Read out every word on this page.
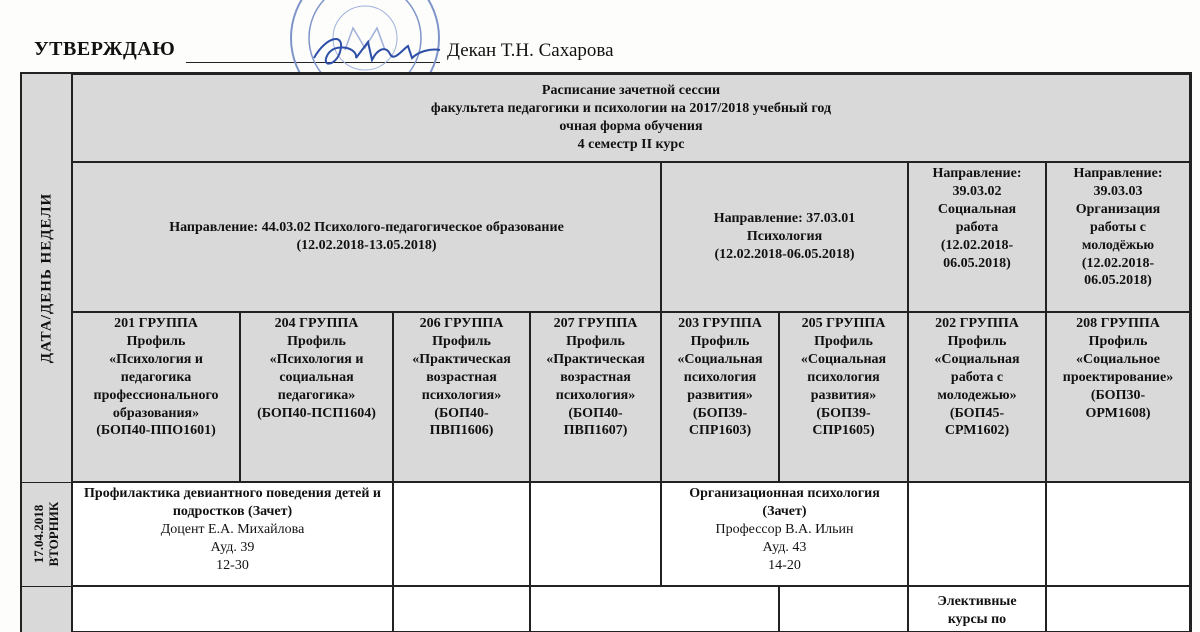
УТВЕРЖДАЮ	Декан Т.Н. Сахарова
ДАТА/ДЕНЬ НЕДЕЛИ
Расписание зачетной сессии
факультета педагогики и психологии на 2017/2018 учебный год
очная форма обучения
4 семестр II курс
Направление: 44.03.02 Психолого-педагогическое образование
(12.02.2018-13.05.2018)
Направление: 37.03.01
Психология
(12.02.2018-06.05.2018)
Направление:
39.03.02
Социальная
работа
(12.02.2018-
06.05.2018)
Направление:
39.03.03
Организация
работы с
молодёжью
(12.02.2018-
06.05.2018)
201 ГРУППА
Профиль
«Психология и
педагогика
профессионального
образования»
(БОП40-ППО1601)
204 ГРУППА
Профиль
«Психология и
социальная
педагогика»
(БОП40-ПСП1604)
206 ГРУППА
Профиль
«Практическая
возрастная
психология»
(БОП40-
ПВП1606)
207 ГРУППА
Профиль
«Практическая
возрастная
психология»
(БОП40-
ПВП1607)
203 ГРУППА
Профиль
«Социальная
психология
развития»
(БОП39-
СПР1603)
205 ГРУППА
Профиль
«Социальная
психология
развития»
(БОП39-
СПР1605)
202 ГРУППА
Профиль
«Социальная
работа с
молодежью»
(БОП45-
СРМ1602)
208 ГРУППА
Профиль
«Социальное
проектирование»
(БОП30-
ОРМ1608)
17.04.2018 ВТОРНИК
Профилактика девиантного поведения детей и подростков (Зачет)
Доцент Е.А. Михайлова
Ауд. 39
12-30
Организационная психология (Зачет)
Профессор В.А. Ильин
Ауд. 43
14-20
Элективные курсы по
